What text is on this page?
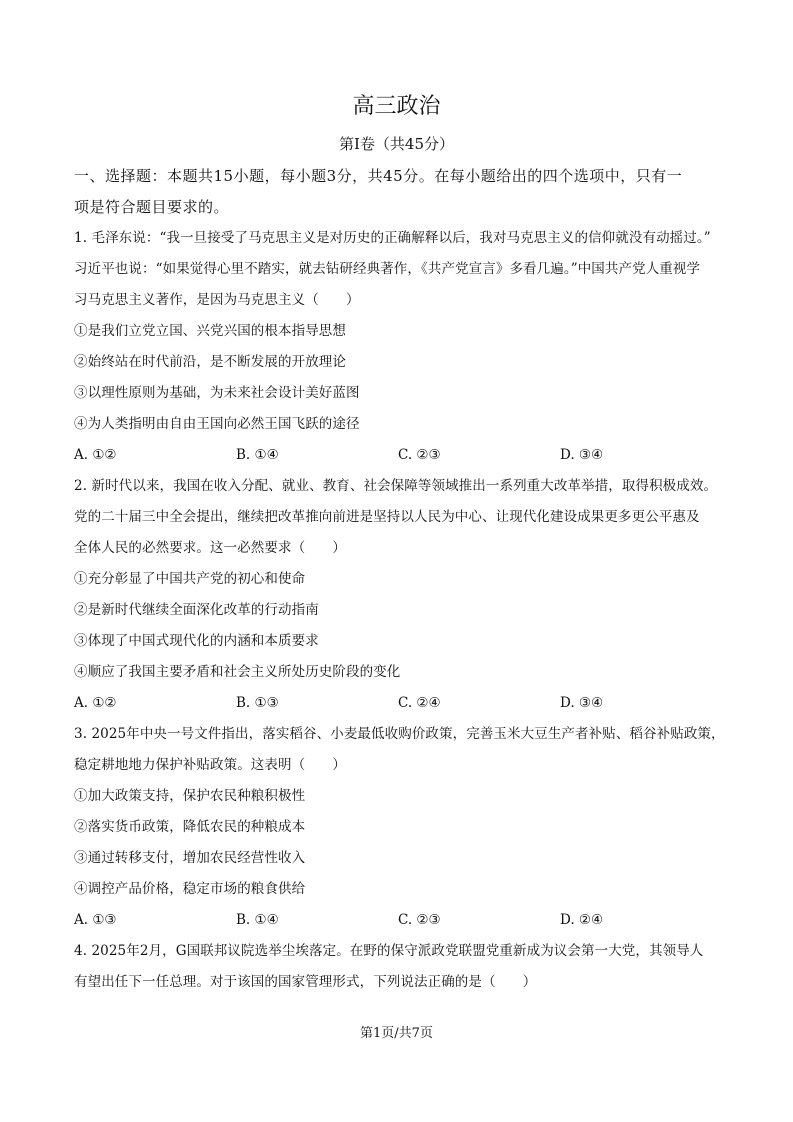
高三政治
第Ⅰ卷（共45分）
一、选择题：本题共15小题，每小题3分，共45分。在每小题给出的四个选项中，只有一
项是符合题目要求的。
1. 毛泽东说：“我一旦接受了马克思主义是对历史的正确解释以后，我对马克思主义的信仰就没有动摇过。”
习近平也说：“如果觉得心里不踏实，就去钻研经典著作，《共产党宣言》多看几遍。”中国共产党人重视学
习马克思主义著作，是因为马克思主义（　　）
①是我们立党立国、兴党兴国的根本指导思想
②始终站在时代前沿，是不断发展的开放理论
③以理性原则为基础，为未来社会设计美好蓝图
④为人类指明由自由王国向必然王国飞跃的途径
A. ①②	B. ①④	C. ②③	D. ③④
2. 新时代以来，我国在收入分配、就业、教育、社会保障等领域推出一系列重大改革举措，取得积极成效。
党的二十届三中全会提出，继续把改革推向前进是坚持以人民为中心、让现代化建设成果更多更公平惠及
全体人民的必然要求。这一必然要求（　　）
①充分彰显了中国共产党的初心和使命
②是新时代继续全面深化改革的行动指南
③体现了中国式现代化的内涵和本质要求
④顺应了我国主要矛盾和社会主义所处历史阶段的变化
A. ①②	B. ①③	C. ②④	D. ③④
3. 2025年中央一号文件指出，落实稻谷、小麦最低收购价政策，完善玉米大豆生产者补贴、稻谷补贴政策，
稳定耕地地力保护补贴政策。这表明（　　）
①加大政策支持，保护农民种粮积极性
②落实货币政策，降低农民的种粮成本
③通过转移支付，增加农民经营性收入
④调控产品价格，稳定市场的粮食供给
A. ①③	B. ①④	C. ②③	D. ②④
4. 2025年2月，G国联邦议院选举尘埃落定。在野的保守派政党联盟党重新成为议会第一大党，其领导人
有望出任下一任总理。对于该国的国家管理形式，下列说法正确的是（　　）
第1页/共7页
